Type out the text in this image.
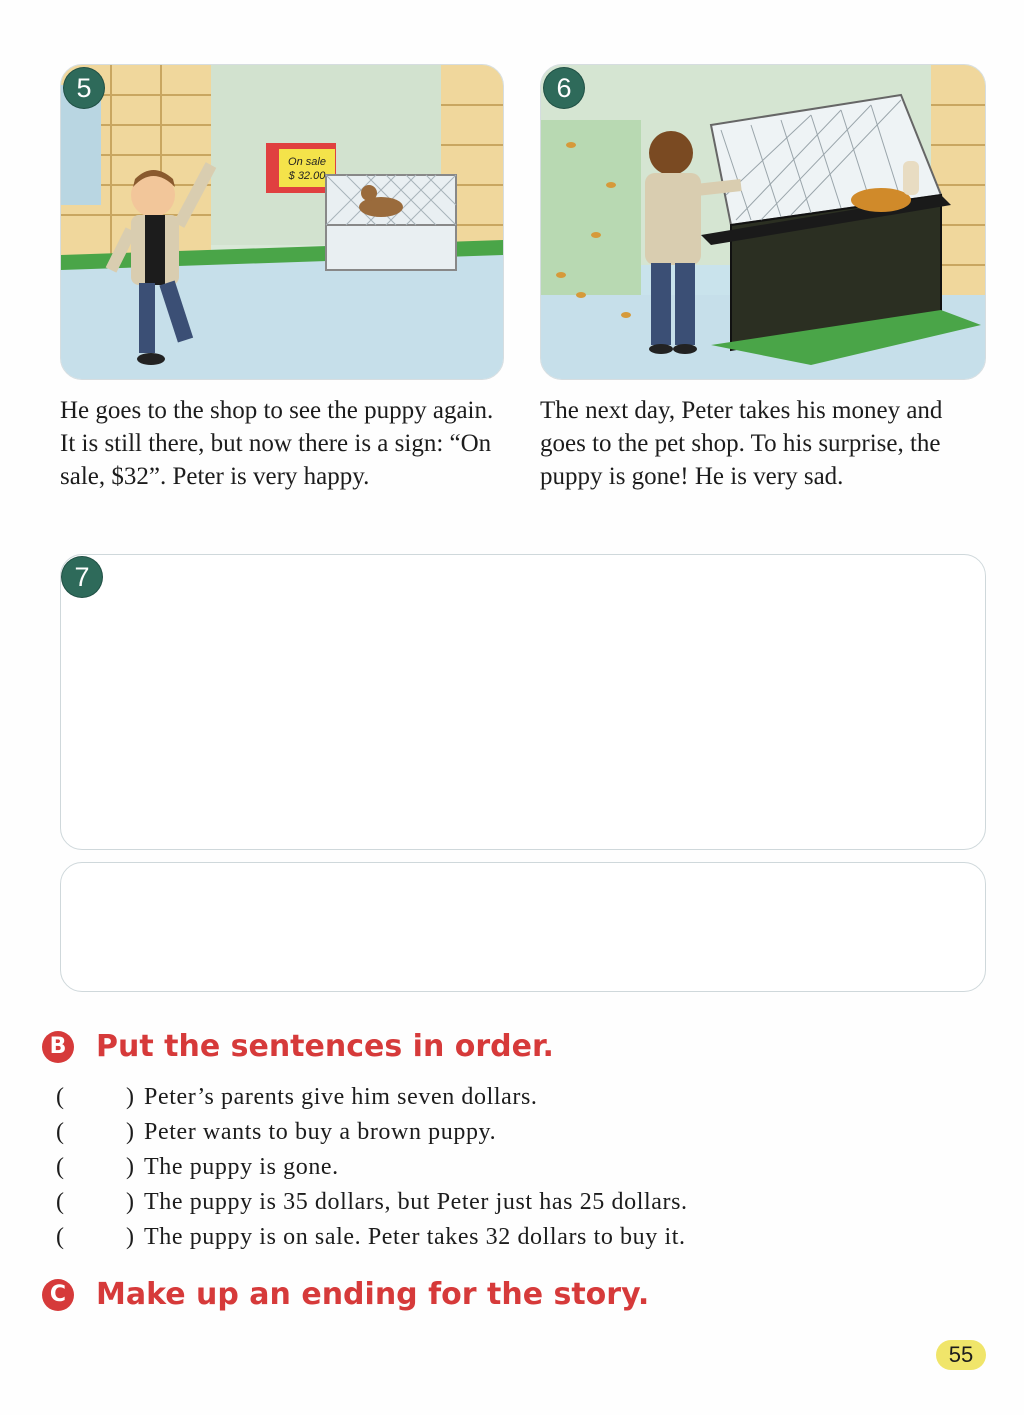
On sale
$ 32.00
5
He goes to the shop to see the puppy again. It is still there, but now there is a sign: “On sale, $32”. Peter is very happy.
6
The next day, Peter takes his money and goes to the pet shop. To his surprise, the puppy is gone! He is very sad.
7
B Put the sentences in order.
(	) Peter’s parents give him seven dollars.
(	) Peter wants to buy a brown puppy.
(	) The puppy is gone.
(	) The puppy is 35 dollars, but Peter just has 25 dollars.
(	) The puppy is on sale. Peter takes 32 dollars to buy it.
C Make up an ending for the story.
55
